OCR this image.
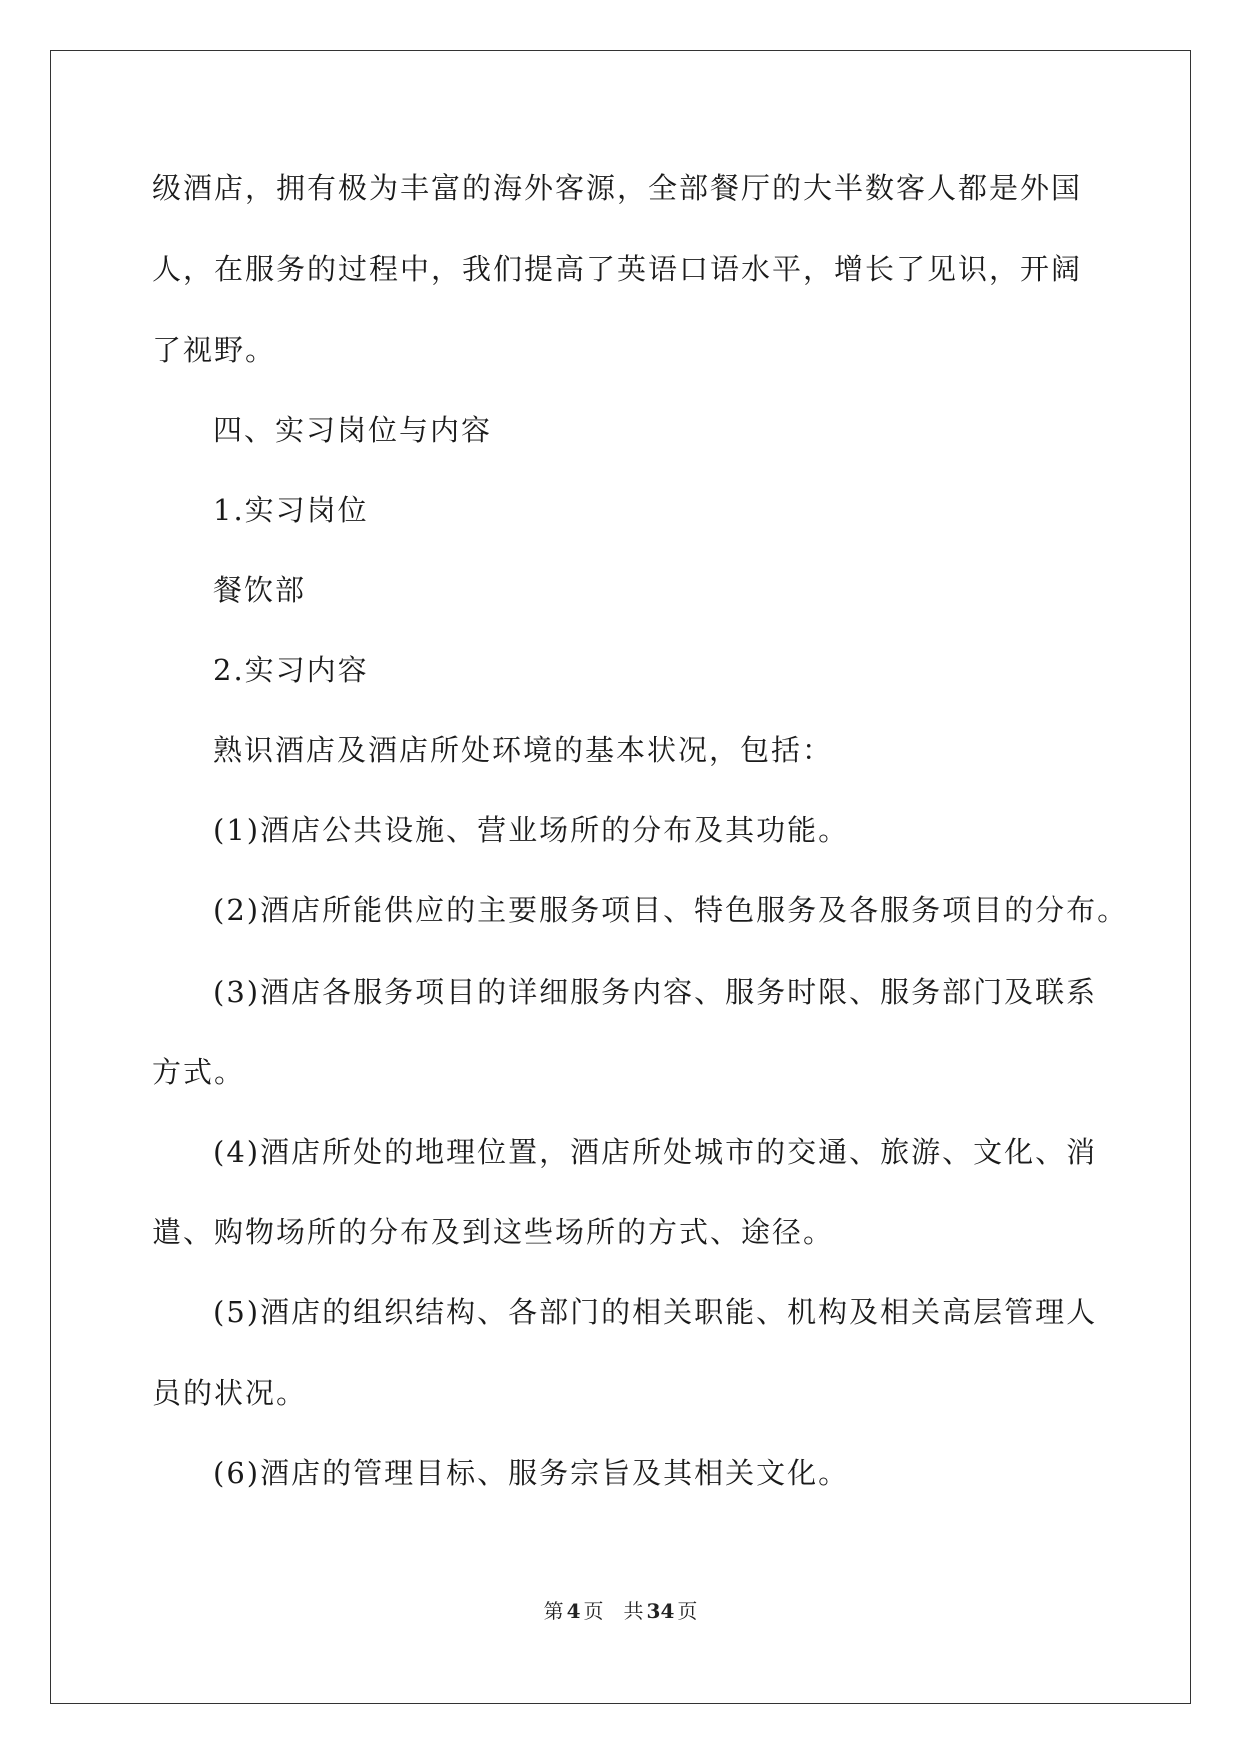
级酒店，拥有极为丰富的海外客源，全部餐厅的大半数客人都是外国
人，在服务的过程中，我们提高了英语口语水平，增长了见识，开阔
了视野。
四、实习岗位与内容
1.实习岗位
餐饮部
2.实习内容
熟识酒店及酒店所处环境的基本状况，包括：
(1)酒店公共设施、营业场所的分布及其功能。
(2)酒店所能供应的主要服务项目、特色服务及各服务项目的分布。
(3)酒店各服务项目的详细服务内容、服务时限、服务部门及联系
方式。
(4)酒店所处的地理位置，酒店所处城市的交通、旅游、文化、消
遣、购物场所的分布及到这些场所的方式、途径。
(5)酒店的组织结构、各部门的相关职能、机构及相关高层管理人
员的状况。
(6)酒店的管理目标、服务宗旨及其相关文化。
第 4 页 共 34 页
